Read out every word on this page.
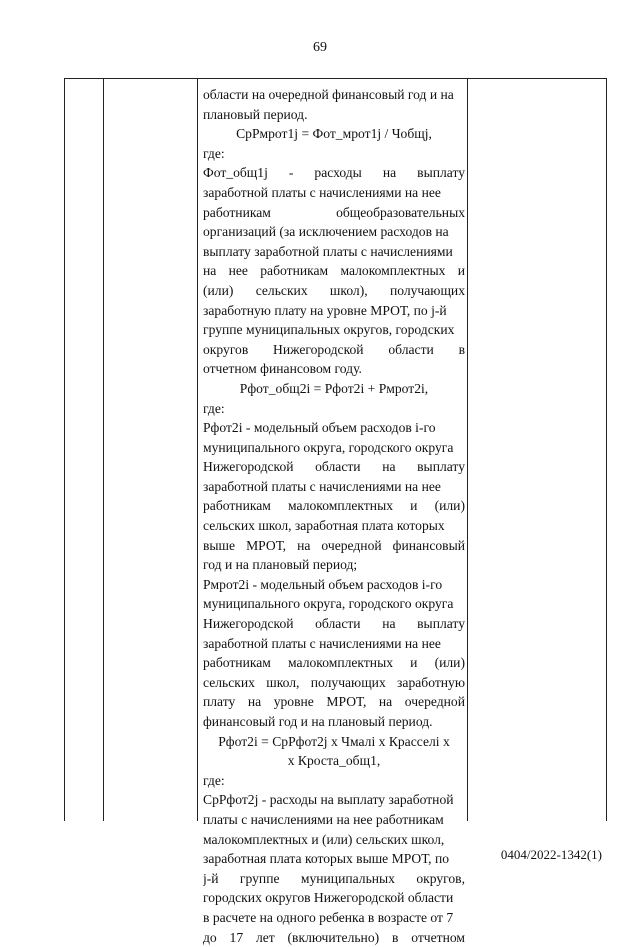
69
области на очередной финансовый год и на
плановый период.
СрРмрот1j = Фот_мрот1j / Чобщj,
где:
Фот_общ1j - расходы на выплату
заработной платы с начислениями на нее
работникам общеобразовательных
организаций (за исключением расходов на
выплату заработной платы с начислениями
на нее работникам малокомплектных и
(или) сельских школ), получающих
заработную плату на уровне МРОТ, по j-й
группе муниципальных округов, городских
округов Нижегородской области в
отчетном финансовом году.
Рфот_общ2i = Рфот2i + Рмрот2i,
где:
Рфот2i - модельный объем расходов i-го
муниципального округа, городского округа
Нижегородской области на выплату
заработной платы с начислениями на нее
работникам малокомплектных и (или)
сельских школ, заработная плата которых
выше МРОТ, на очередной финансовый
год и на плановый период;
Рмрот2i - модельный объем расходов i-го
муниципального округа, городского округа
Нижегородской области на выплату
заработной платы с начислениями на нее
работникам малокомплектных и (или)
сельских школ, получающих заработную
плату на уровне МРОТ, на очередной
финансовый год и на плановый период.
Рфот2i = СрРфот2j x Чмалi x Красселi x
x Кроста_общ1,
где:
СрРфот2j - расходы на выплату заработной
платы с начислениями на нее работникам
малокомплектных и (или) сельских школ,
заработная плата которых выше МРОТ, по
j-й группе муниципальных округов,
городских округов Нижегородской области
в расчете на одного ребенка в возрасте от 7
до 17 лет (включительно) в отчетном
0404/2022-1342(1)
